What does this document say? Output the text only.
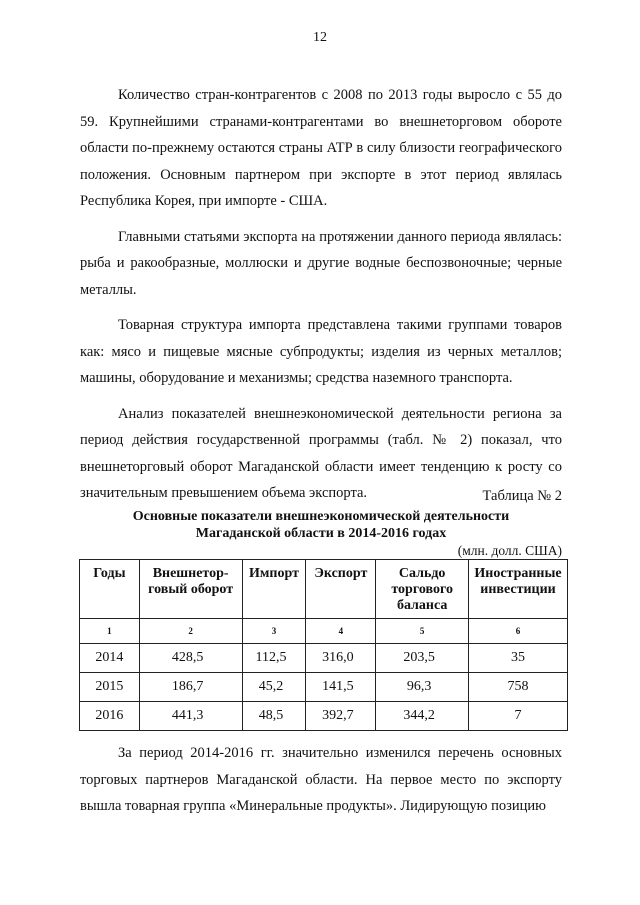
12

Количество стран-контрагентов с 2008 по 2013 годы выросло с 55 до 59. Крупнейшими странами-контрагентами во внешнеторговом обороте области по-прежнему остаются страны АТР в силу близости географического положения. Основным партнером при экспорте в этот период являлась Республика Корея, при импорте - США.

Главными статьями экспорта на протяжении данного периода являлась: рыба и ракообразные, моллюски и другие водные беспозвоночные; черные металлы.

Товарная структура импорта представлена такими группами товаров как: мясо и пищевые мясные субпродукты; изделия из черных металлов; машины, оборудование и механизмы; средства наземного транспорта.

Анализ показателей внешнеэкономической деятельности региона за период действия государственной программы (табл. № 2) показал, что внешнеторговый оборот Магаданской области имеет тенденцию к росту со значительным превышением объема экспорта.	Таблица № 2
Основные показатели внешнеэкономической деятельности
Магаданской области в 2014-2016 годах
(млн. долл. США)
Годы	Внешнетор-говый оборот	Импорт	Экспорт	Сальдо торгового баланса	Иностранные инвестиции
1	2	3	4	5	6
2014	428,5	112,5	316,0	203,5	35
2015	186,7	45,2	141,5	96,3	758
2016	441,3	48,5	392,7	344,2	7

За период 2014-2016 гг. значительно изменился перечень основных торговых партнеров Магаданской области. На первое место по экспорту вышла товарная группа «Минеральные продукты». Лидирующую позицию
